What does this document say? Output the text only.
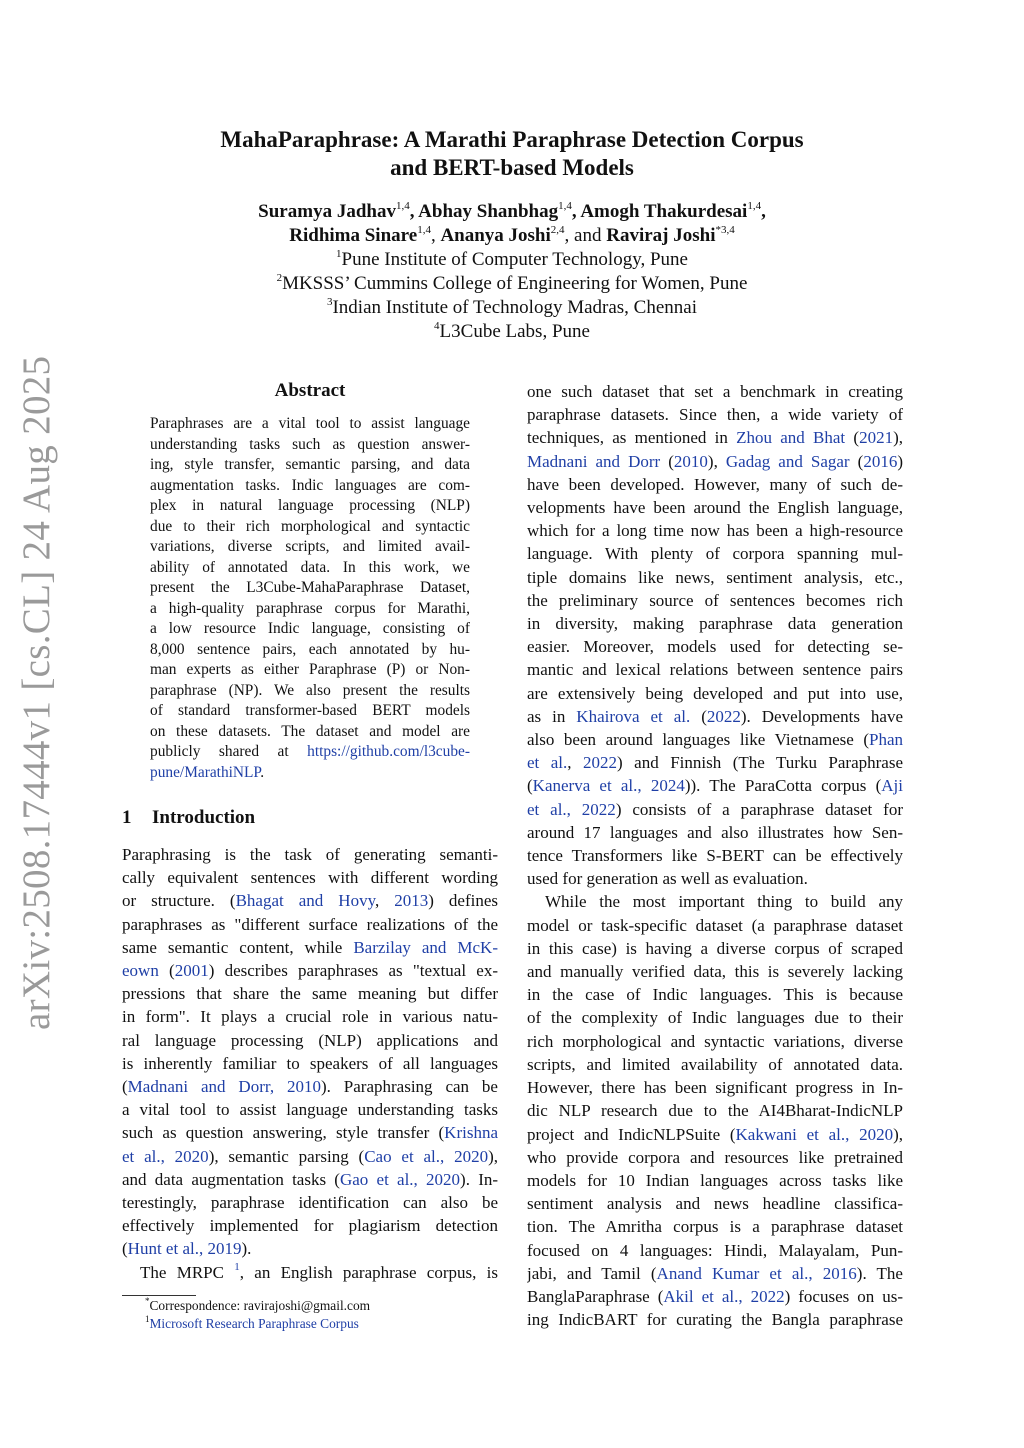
arXiv:2508.17444v1 [cs.CL] 24 Aug 2025
MahaParaphrase: A Marathi Paraphrase Detection Corpus
and BERT-based Models
Suramya Jadhav$^{1,4}$, Abhay Shanbhag$^{1,4}$, Amogh Thakurdesai$^{1,4}$,
Ridhima Sinare$^{1,4}$, Ananya Joshi$^{2,4}$, and Raviraj Joshi$^{*3,4}$
$^1$Pune Institute of Computer Technology, Pune
$^2$MKSSS’ Cummins College of Engineering for Women, Pune
$^3$Indian Institute of Technology Madras, Chennai
$^4$L3Cube Labs, Pune
Abstract
Paraphrases are a vital tool to assist language
understanding tasks such as question answer-
ing, style transfer, semantic parsing, and data
augmentation tasks. Indic languages are com-
plex in natural language processing (NLP)
due to their rich morphological and syntactic
variations, diverse scripts, and limited avail-
ability of annotated data. In this work, we
present the L3Cube-MahaParaphrase Dataset,
a high-quality paraphrase corpus for Marathi,
a low resource Indic language, consisting of
8,000 sentence pairs, each annotated by hu-
man experts as either Paraphrase (P) or Non-
paraphrase (NP). We also present the results
of standard transformer-based BERT models
on these datasets. The dataset and model are
publicly shared at https://github.com/l3cube-
pune/MarathiNLP.
1 Introduction
Paraphrasing is the task of generating semanti-
cally equivalent sentences with different wording
or structure. (Bhagat and Hovy, 2013) defines
paraphrases as "different surface realizations of the
same semantic content, while Barzilay and McK-
eown (2001) describes paraphrases as "textual ex-
pressions that share the same meaning but differ
in form". It plays a crucial role in various natu-
ral language processing (NLP) applications and
is inherently familiar to speakers of all languages
(Madnani and Dorr, 2010). Paraphrasing can be
a vital tool to assist language understanding tasks
such as question answering, style transfer (Krishna
et al., 2020), semantic parsing (Cao et al., 2020),
and data augmentation tasks (Gao et al., 2020). In-
terestingly, paraphrase identification can also be
effectively implemented for plagiarism detection
(Hunt et al., 2019).
The MRPC $^1$, an English paraphrase corpus, is
one such dataset that set a benchmark in creating
paraphrase datasets. Since then, a wide variety of
techniques, as mentioned in Zhou and Bhat (2021),
Madnani and Dorr (2010), Gadag and Sagar (2016)
have been developed. However, many of such de-
velopments have been around the English language,
which for a long time now has been a high-resource
language. With plenty of corpora spanning mul-
tiple domains like news, sentiment analysis, etc.,
the preliminary source of sentences becomes rich
in diversity, making paraphrase data generation
easier. Moreover, models used for detecting se-
mantic and lexical relations between sentence pairs
are extensively being developed and put into use,
as in Khairova et al. (2022). Developments have
also been around languages like Vietnamese (Phan
et al., 2022) and Finnish (The Turku Paraphrase
(Kanerva et al., 2024)). The ParaCotta corpus (Aji
et al., 2022) consists of a paraphrase dataset for
around 17 languages and also illustrates how Sen-
tence Transformers like S-BERT can be effectively
used for generation as well as evaluation.
While the most important thing to build any
model or task-specific dataset (a paraphrase dataset
in this case) is having a diverse corpus of scraped
and manually verified data, this is severely lacking
in the case of Indic languages. This is because
of the complexity of Indic languages due to their
rich morphological and syntactic variations, diverse
scripts, and limited availability of annotated data.
However, there has been significant progress in In-
dic NLP research due to the AI4Bharat-IndicNLP
project and IndicNLPSuite (Kakwani et al., 2020),
who provide corpora and resources like pretrained
models for 10 Indian languages across tasks like
sentiment analysis and news headline classifica-
tion. The Amritha corpus is a paraphrase dataset
focused on 4 languages: Hindi, Malayalam, Pun-
jabi, and Tamil (Anand Kumar et al., 2016). The
BanglaParaphrase (Akil et al., 2022) focuses on us-
ing IndicBART for curating the Bangla paraphrase
*Correspondence: ravirajoshi@gmail.com
$^1$Microsoft Research Paraphrase Corpus
